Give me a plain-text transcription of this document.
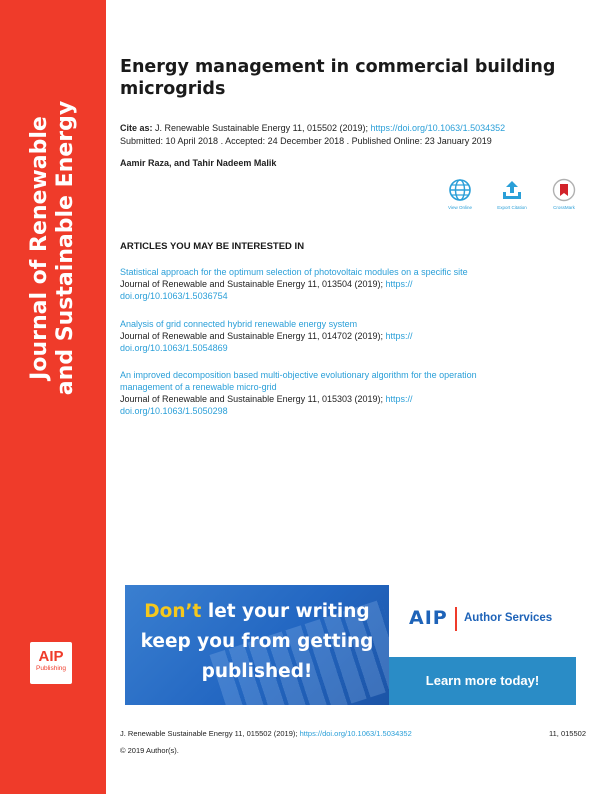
Journal of Renewable and Sustainable Energy
AIP
Publishing
Energy management in commercial building microgrids
Cite as: J. Renewable Sustainable Energy 11, 015502 (2019); https://doi.org/10.1063/1.5034352
Submitted: 10 April 2018 . Accepted: 24 December 2018 . Published Online: 23 January 2019
Aamir Raza, and Tahir Nadeem Malik
View Online	Export Citation	CrossMark
ARTICLES YOU MAY BE INTERESTED IN
Statistical approach for the optimum selection of photovoltaic modules on a specific site
Journal of Renewable and Sustainable Energy 11, 013504 (2019); https://
doi.org/10.1063/1.5036754
Analysis of grid connected hybrid renewable energy system
Journal of Renewable and Sustainable Energy 11, 014702 (2019); https://
doi.org/10.1063/1.5054869
An improved decomposition based multi-objective evolutionary algorithm for the operation
management of a renewable micro-grid
Journal of Renewable and Sustainable Energy 11, 015303 (2019); https://
doi.org/10.1063/1.5050298
Don’t let your writing
keep you from getting
published!
AIP Author Services
Learn more today!
J. Renewable Sustainable Energy 11, 015502 (2019); https://doi.org/10.1063/1.5034352	11, 015502
© 2019 Author(s).
